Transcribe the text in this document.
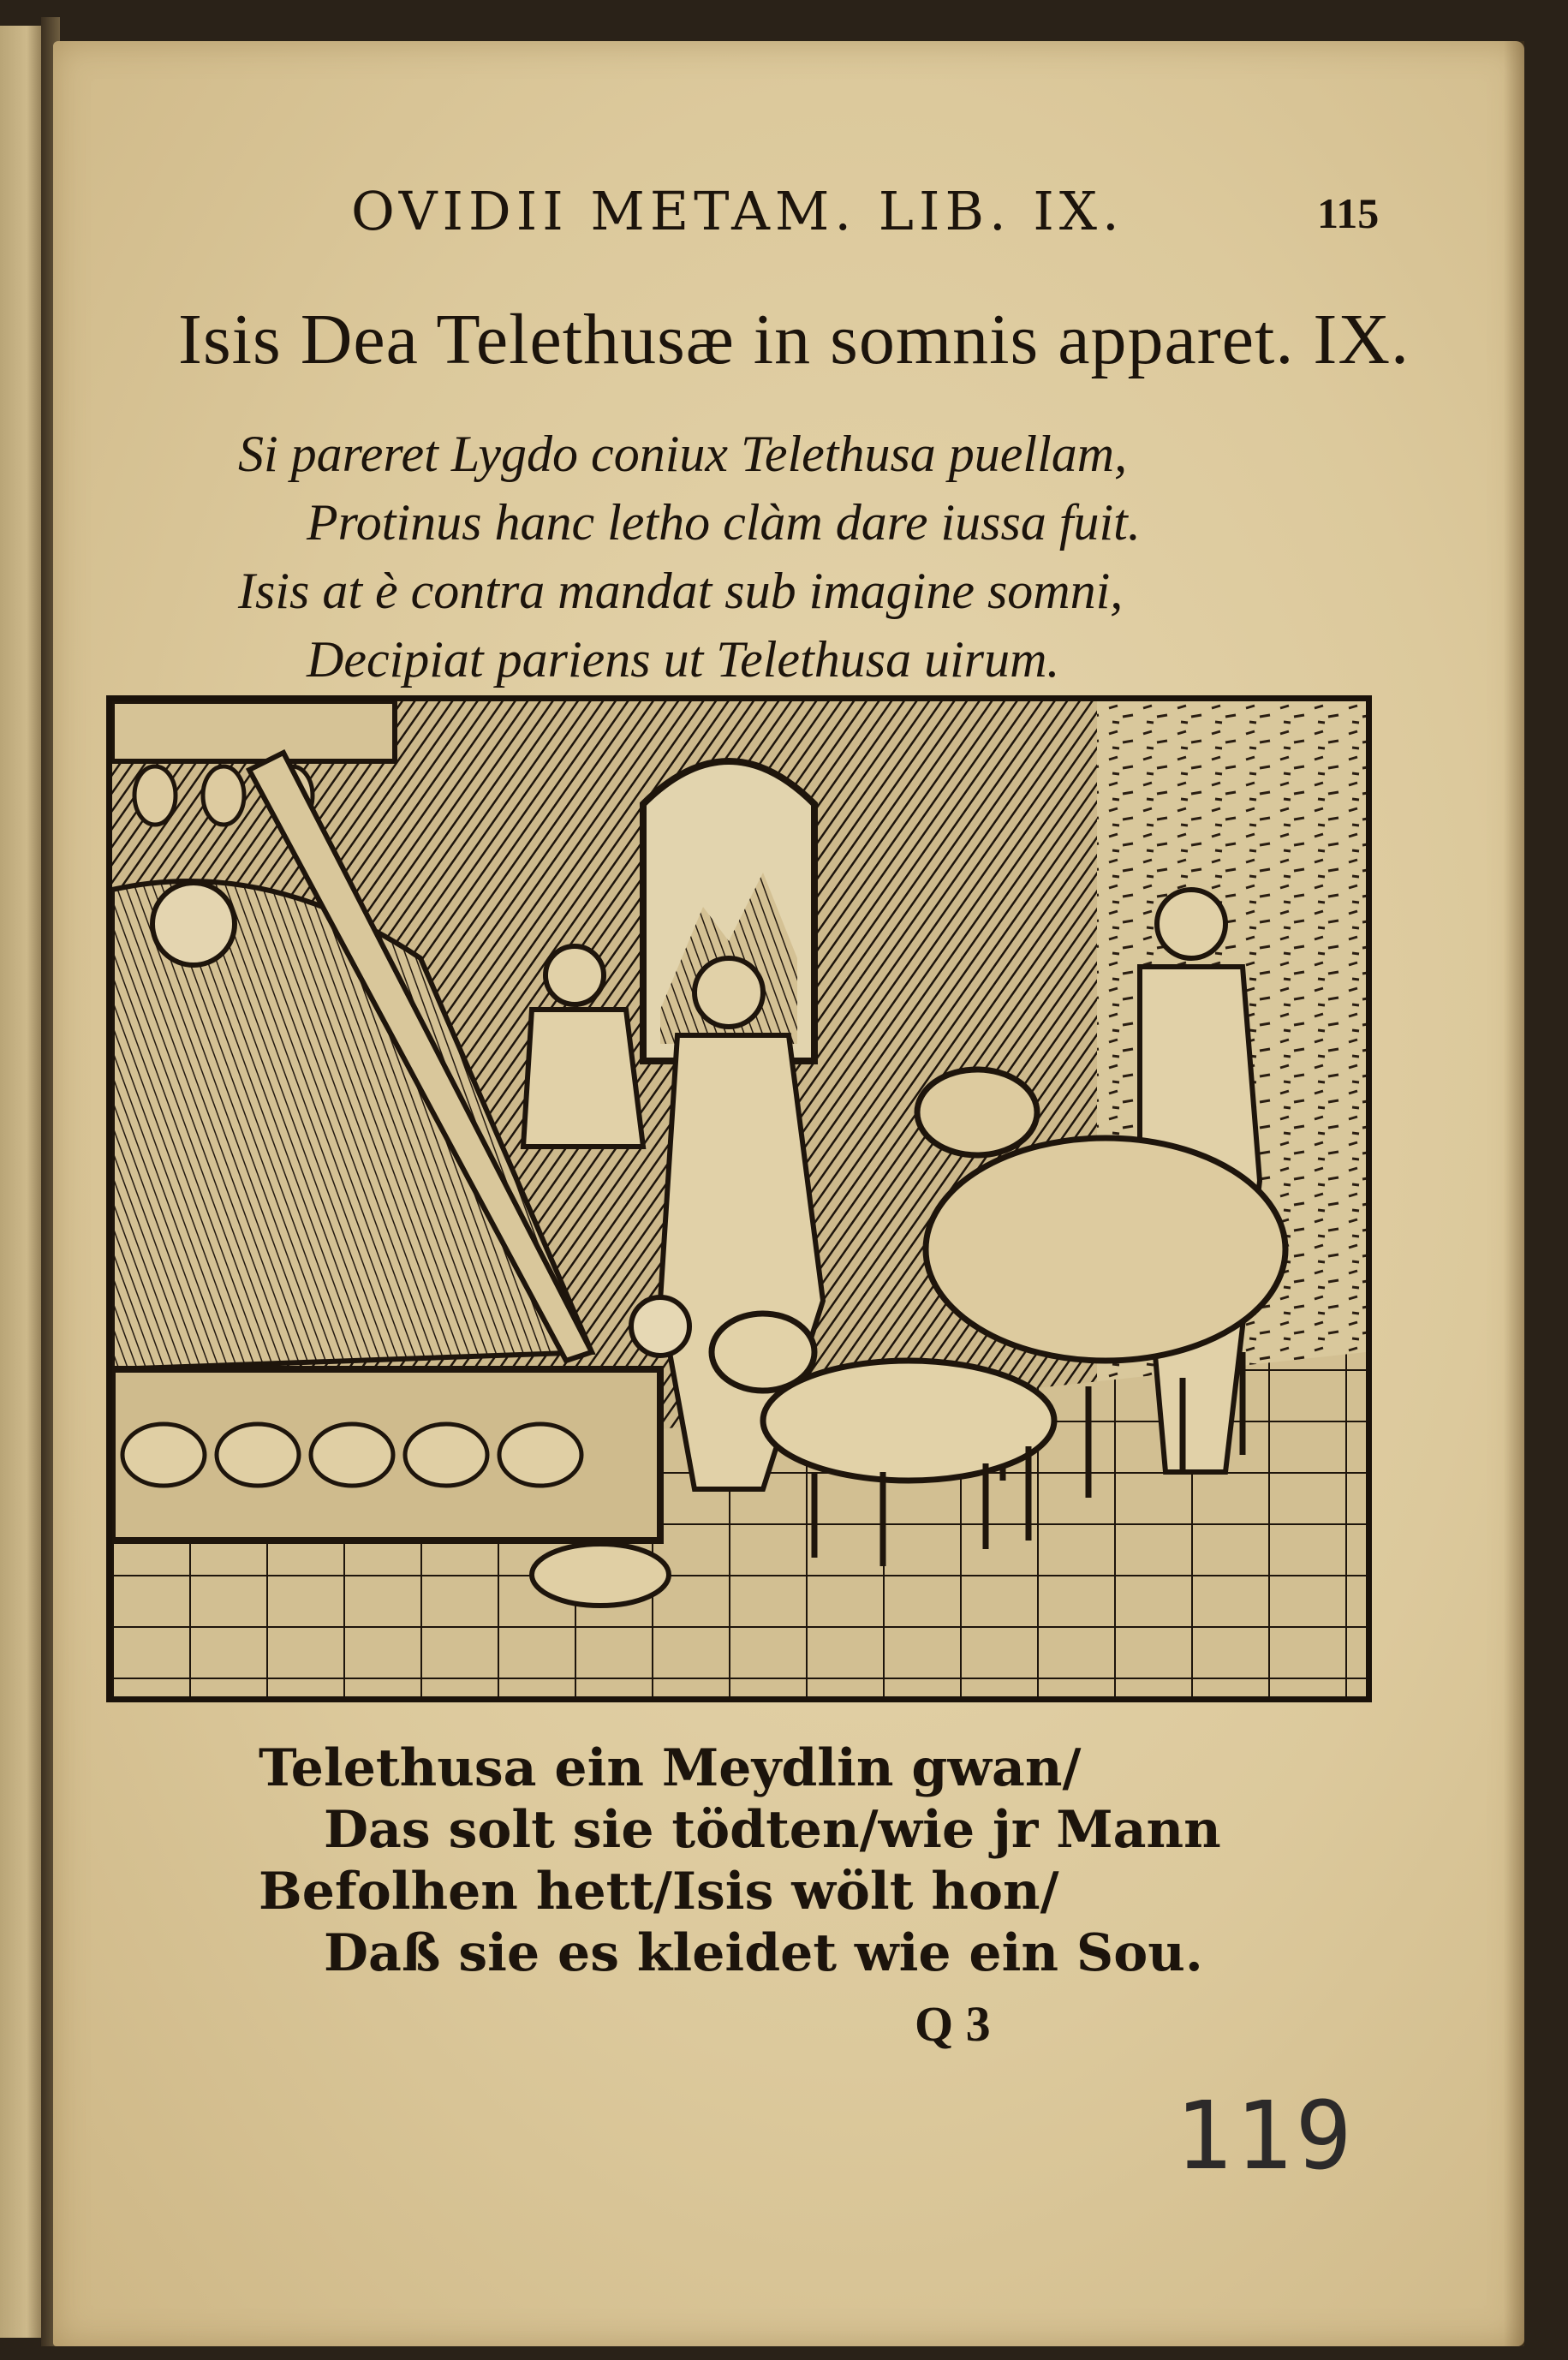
OVIDII METAM. LIB. IX.	115
Isis Dea Telethusæ in somnis apparet. IX.
Si pareret Lygdo coniux Telethusa puellam,
Protinus hanc letho clàm dare iussa fuit.
Isis at è contra mandat sub imagine somni,
Decipiat pariens ut Telethusa uirum.
Telethusa ein Meydlin gwan/
Das solt sie tödten/wie jr Mann
Befolhen hett/Isis wölt hon/
Daß sie es kleidet wie ein Sou.
Q 3
119
